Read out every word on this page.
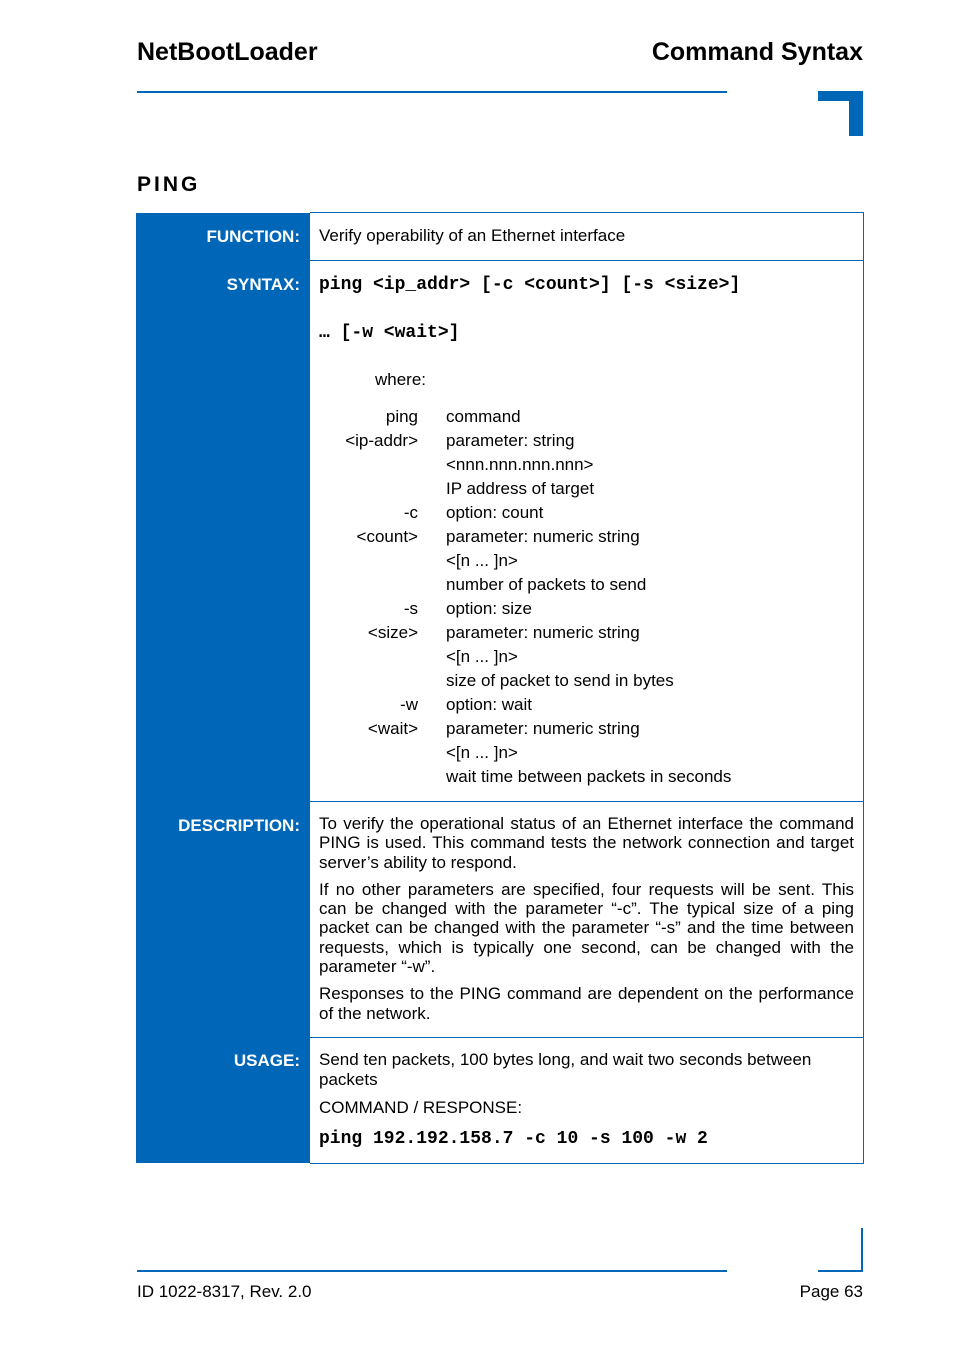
NetBootLoader	Command Syntax
PING
FUNCTION:	Verify operability of an Ethernet interface
SYNTAX:	ping <ip_addr> [-c <count>] [-s <size>]
… [-w <wait>]
where:
ping	command
<ip-addr>	parameter: string
	<nnn.nnn.nnn.nnn>
	IP address of target
-c	option: count
<count>	parameter: numeric string
	<[n ... ]n>
	number of packets to send
-s	option: size
<size>	parameter: numeric string
	<[n ... ]n>
	size of packet to send in bytes
-w	option: wait
<wait>	parameter: numeric string
	<[n ... ]n>
	wait time between packets in seconds

DESCRIPTION:	To verify the operational status of an Ethernet interface the command PING is used. This command tests the network connection and target server’s ability to respond.

If no other parameters are specified, four requests will be sent. This can be changed with the parameter “-c”. The typical size of a ping packet can be changed with the parameter “-s” and the time between requests, which is typically one second, can be changed with the parameter “-w”.

Responses to the PING command are dependent on the performance of the network.

USAGE:	Send ten packets, 100 bytes long, and wait two seconds between packets

COMMAND / RESPONSE:

ping 192.192.158.7 -c 10 -s 100 -w 2
ID 1022-8317, Rev. 2.0	Page 63
